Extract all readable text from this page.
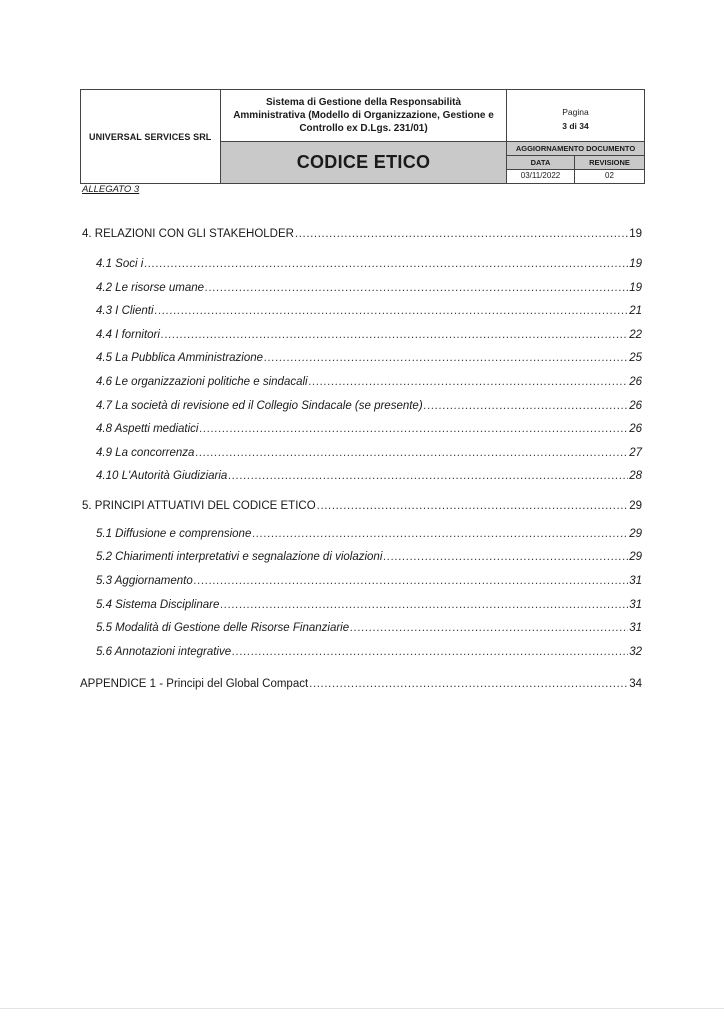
UNIVERSAL SERVICES SRL
Sistema di Gestione della Responsabilità Amministrativa (Modello di Organizzazione, Gestione e Controllo ex D.Lgs. 231/01)
Pagina
3 di 34
CODICE ETICO
AGGIORNAMENTO DOCUMENTO
DATA	REVISIONE
03/11/2022	02
ALLEGATO 3
4. RELAZIONI CON GLI STAKEHOLDER .....	19
4.1 Soci i .....	19
4.2 Le risorse umane .....	19
4.3 I Clienti .....	21
4.4 I fornitori .....	22
4.5 La Pubblica Amministrazione .....	25
4.6 Le organizzazioni politiche e sindacali .....	26
4.7 La società di revisione ed il Collegio Sindacale (se presente) .....	26
4.8 Aspetti mediatici .....	26
4.9 La concorrenza .....	27
4.10 L'Autorità Giudiziaria .....	28
5. PRINCIPI ATTUATIVI DEL CODICE ETICO .....	29
5.1 Diffusione e comprensione .....	29
5.2 Chiarimenti interpretativi e segnalazione di violazioni .....	29
5.3 Aggiornamento .....	31
5.4 Sistema Disciplinare .....	31
5.5 Modalità di Gestione delle Risorse Finanziarie .....	31
5.6 Annotazioni integrative .....	32
APPENDICE 1 - Principi del Global Compact .....	34
